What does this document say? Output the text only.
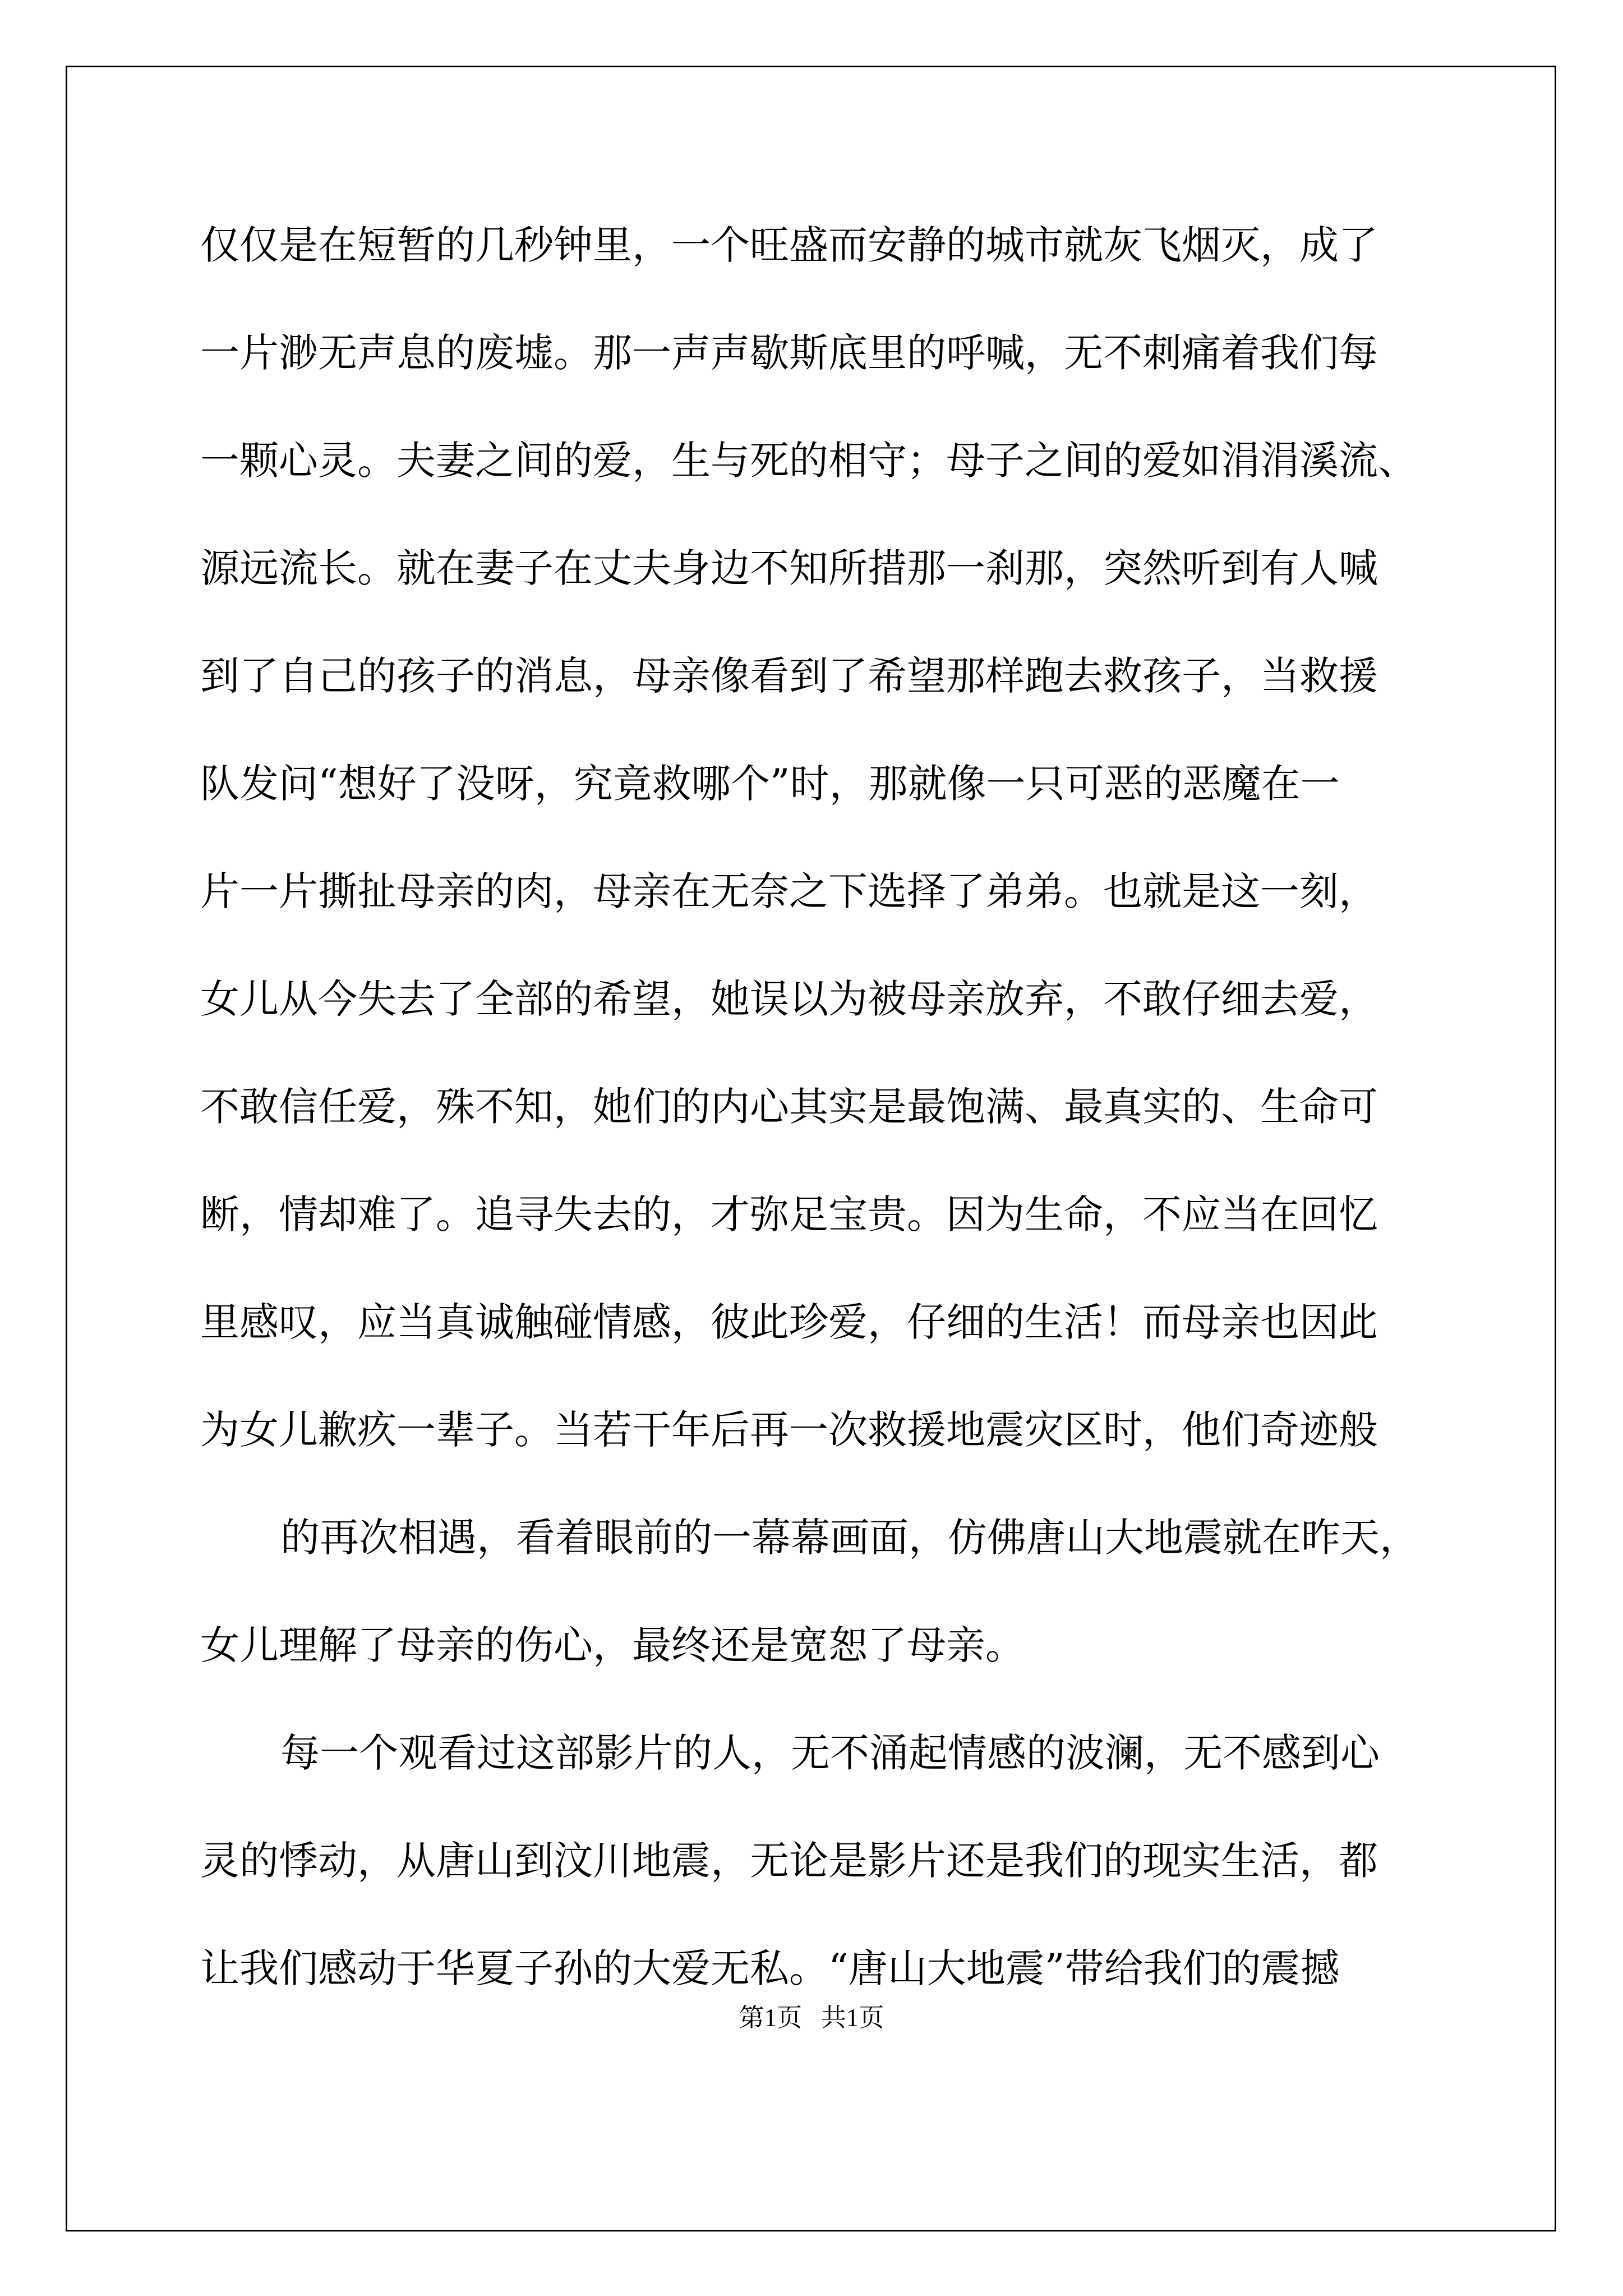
仅仅是在短暂的几秒钟里，一个旺盛而安静的城市就灰飞烟灭，成了
一片渺无声息的废墟。那一声声歇斯底里的呼喊，无不刺痛着我们每
一颗心灵。夫妻之间的爱，生与死的相守；母子之间的爱如涓涓溪流、
源远流长。就在妻子在丈夫身边不知所措那一刹那，突然听到有人喊
到了自己的孩子的消息，母亲像看到了希望那样跑去救孩子，当救援
队发问“想好了没呀，究竟救哪个”时，那就像一只可恶的恶魔在一
片一片撕扯母亲的肉，母亲在无奈之下选择了弟弟。也就是这一刻，
女儿从今失去了全部的希望，她误以为被母亲放弃，不敢仔细去爱，
不敢信任爱，殊不知，她们的内心其实是最饱满、最真实的、生命可
断，情却难了。追寻失去的，才弥足宝贵。因为生命，不应当在回忆
里感叹，应当真诚触碰情感，彼此珍爱，仔细的生活！而母亲也因此
为女儿歉疚一辈子。当若干年后再一次救援地震灾区时，他们奇迹般
的再次相遇，看着眼前的一幕幕画面，仿佛唐山大地震就在昨天，
女儿理解了母亲的伤心，最终还是宽恕了母亲。
每一个观看过这部影片的人，无不涌起情感的波澜，无不感到心
灵的悸动，从唐山到汶川地震，无论是影片还是我们的现实生活，都
让我们感动于华夏子孙的大爱无私。“唐山大地震”带给我们的震撼
第1页 共1页
